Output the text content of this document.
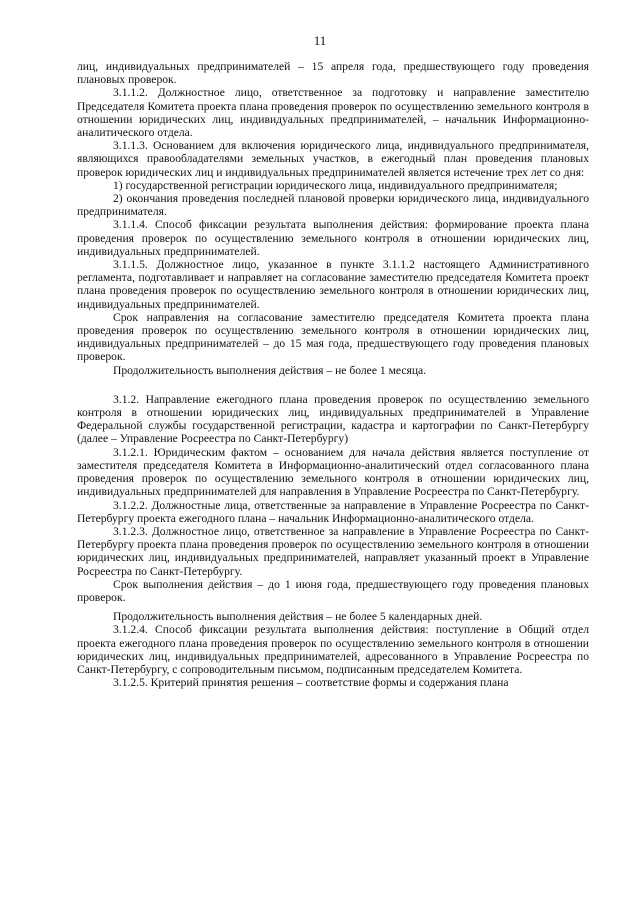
11

лиц, индивидуальных предпринимателей – 15 апреля года, предшествующего году проведения плановых проверок.

3.1.1.2. Должностное лицо, ответственное за подготовку и направление заместителю Председателя Комитета проекта плана проведения проверок по осуществлению земельного контроля в отношении юридических лиц, индивидуальных предпринимателей, – начальник Информационно-аналитического отдела.

3.1.1.3. Основанием для включения юридического лица, индивидуального предпринимателя, являющихся правообладателями земельных участков, в ежегодный план проведения плановых проверок юридических лиц и индивидуальных предпринимателей является истечение трех лет со дня:

1) государственной регистрации юридического лица, индивидуального предпринимателя;

2) окончания проведения последней плановой проверки юридического лица, индивидуального предпринимателя.

3.1.1.4. Способ фиксации результата выполнения действия: формирование проекта плана проведения проверок по осуществлению земельного контроля в отношении юридических лиц, индивидуальных предпринимателей.

3.1.1.5. Должностное лицо, указанное в пункте 3.1.1.2 настоящего Административного регламента, подготавливает и направляет на согласование заместителю председателя Комитета проект плана проведения проверок по осуществлению земельного контроля в отношении юридических лиц, индивидуальных предпринимателей.

Срок направления на согласование заместителю председателя Комитета проекта плана проведения проверок по осуществлению земельного контроля в отношении юридических лиц, индивидуальных предпринимателей – до 15 мая года, предшествующего году проведения плановых проверок.

Продолжительность выполнения действия – не более 1 месяца.

3.1.2. Направление ежегодного плана проведения проверок по осуществлению земельного контроля в отношении юридических лиц, индивидуальных предпринимателей в Управление Федеральной службы государственной регистрации, кадастра и картографии по Санкт-Петербургу (далее – Управление Росреестра по Санкт-Петербургу)

3.1.2.1. Юридическим фактом – основанием для начала действия является поступление от заместителя председателя Комитета в Информационно-аналитический отдел согласованного плана проведения проверок по осуществлению земельного контроля в отношении юридических лиц, индивидуальных предпринимателей для направления в Управление Росреестра по Санкт-Петербургу.

3.1.2.2. Должностные лица, ответственные за направление в Управление Росреестра по Санкт-Петербургу проекта ежегодного плана – начальник Информационно-аналитического отдела.

3.1.2.3. Должностное лицо, ответственное за направление в Управление Росреестра по Санкт-Петербургу проекта плана проведения проверок по осуществлению земельного контроля в отношении юридических лиц, индивидуальных предпринимателей, направляет указанный проект в Управление Росреестра по Санкт-Петербургу.

Срок выполнения действия – до 1 июня года, предшествующего году проведения плановых проверок.

Продолжительность выполнения действия – не более 5 календарных дней.

3.1.2.4. Способ фиксации результата выполнения действия: поступление в Общий отдел проекта ежегодного плана проведения проверок по осуществлению земельного контроля в отношении юридических лиц, индивидуальных предпринимателей, адресованного в Управление Росреестра по Санкт-Петербургу, с сопроводительным письмом, подписанным председателем Комитета.

3.1.2.5. Критерий принятия решения – соответствие формы и содержания плана
